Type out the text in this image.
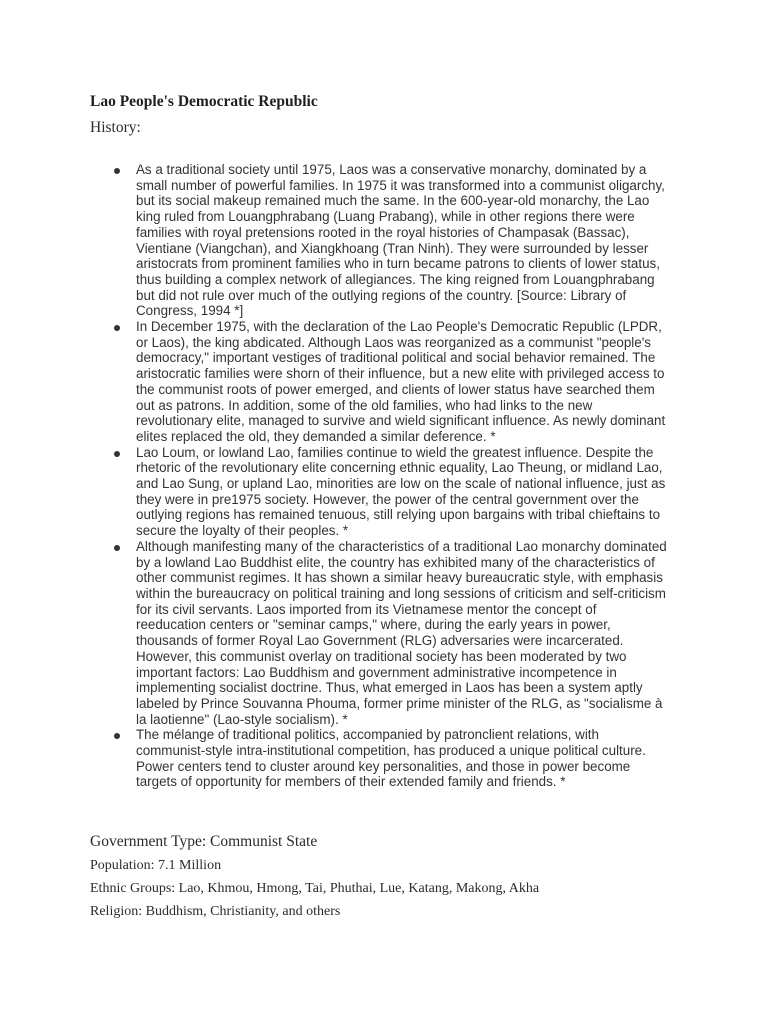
Lao People's Democratic Republic
History:
As a traditional society until 1975, Laos was a conservative monarchy, dominated by a small number of powerful families. In 1975 it was transformed into a communist oligarchy, but its social makeup remained much the same. In the 600-year-old monarchy, the Lao king ruled from Louangphrabang (Luang Prabang), while in other regions there were families with royal pretensions rooted in the royal histories of Champasak (Bassac), Vientiane (Viangchan), and Xiangkhoang (Tran Ninh). They were surrounded by lesser aristocrats from prominent families who in turn became patrons to clients of lower status, thus building a complex network of allegiances. The king reigned from Louangphrabang but did not rule over much of the outlying regions of the country. [Source: Library of Congress, 1994 *]
In December 1975, with the declaration of the Lao People's Democratic Republic (LPDR, or Laos), the king abdicated. Although Laos was reorganized as a communist "people's democracy," important vestiges of traditional political and social behavior remained. The aristocratic families were shorn of their influence, but a new elite with privileged access to the communist roots of power emerged, and clients of lower status have searched them out as patrons. In addition, some of the old families, who had links to the new revolutionary elite, managed to survive and wield significant influence. As newly dominant elites replaced the old, they demanded a similar deference. *
Lao Loum, or lowland Lao, families continue to wield the greatest influence. Despite the rhetoric of the revolutionary elite concerning ethnic equality, Lao Theung, or midland Lao, and Lao Sung, or upland Lao, minorities are low on the scale of national influence, just as they were in pre1975 society. However, the power of the central government over the outlying regions has remained tenuous, still relying upon bargains with tribal chieftains to secure the loyalty of their peoples. *
Although manifesting many of the characteristics of a traditional Lao monarchy dominated by a lowland Lao Buddhist elite, the country has exhibited many of the characteristics of other communist regimes. It has shown a similar heavy bureaucratic style, with emphasis within the bureaucracy on political training and long sessions of criticism and self-criticism for its civil servants. Laos imported from its Vietnamese mentor the concept of reeducation centers or "seminar camps," where, during the early years in power, thousands of former Royal Lao Government (RLG) adversaries were incarcerated. However, this communist overlay on traditional society has been moderated by two important factors: Lao Buddhism and government administrative incompetence in implementing socialist doctrine. Thus, what emerged in Laos has been a system aptly labeled by Prince Souvanna Phouma, former prime minister of the RLG, as "socialisme à la laotienne" (Lao-style socialism). *
The mélange of traditional politics, accompanied by patronclient relations, with communist-style intra-institutional competition, has produced a unique political culture. Power centers tend to cluster around key personalities, and those in power become targets of opportunity for members of their extended family and friends. *
Government Type: Communist State
Population: 7.1 Million
Ethnic Groups: Lao, Khmou, Hmong, Tai, Phuthai, Lue, Katang, Makong, Akha
Religion: Buddhism, Christianity, and others
